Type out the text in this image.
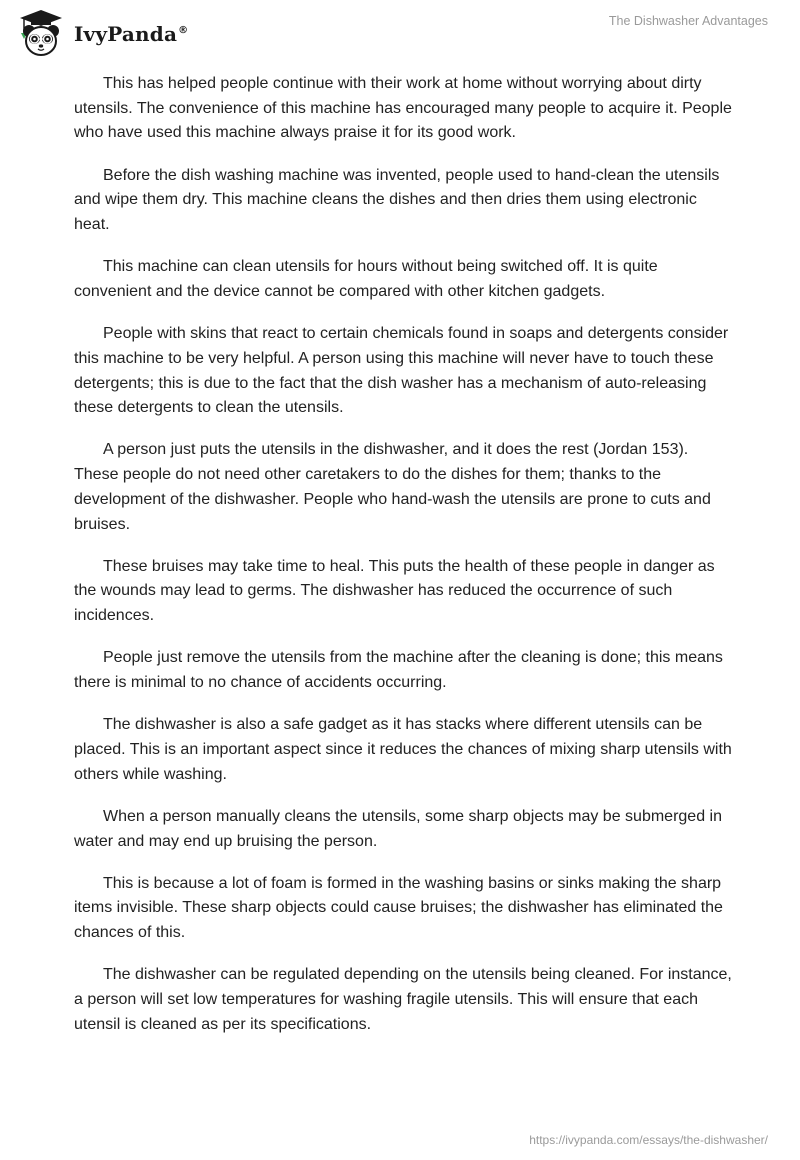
IvyPanda®
The Dishwasher Advantages

This has helped people continue with their work at home without worrying about dirty utensils. The convenience of this machine has encouraged many people to acquire it. People who have used this machine always praise it for its good work.

Before the dish washing machine was invented, people used to hand-clean the utensils and wipe them dry. This machine cleans the dishes and then dries them using electronic heat.

This machine can clean utensils for hours without being switched off. It is quite convenient and the device cannot be compared with other kitchen gadgets.

People with skins that react to certain chemicals found in soaps and detergents consider this machine to be very helpful. A person using this machine will never have to touch these detergents; this is due to the fact that the dish washer has a mechanism of auto-releasing these detergents to clean the utensils.

A person just puts the utensils in the dishwasher, and it does the rest (Jordan 153). These people do not need other caretakers to do the dishes for them; thanks to the development of the dishwasher. People who hand-wash the utensils are prone to cuts and bruises.

These bruises may take time to heal. This puts the health of these people in danger as the wounds may lead to germs. The dishwasher has reduced the occurrence of such incidences.

People just remove the utensils from the machine after the cleaning is done; this means there is minimal to no chance of accidents occurring.

The dishwasher is also a safe gadget as it has stacks where different utensils can be placed. This is an important aspect since it reduces the chances of mixing sharp utensils with others while washing.

When a person manually cleans the utensils, some sharp objects may be submerged in water and may end up bruising the person.

This is because a lot of foam is formed in the washing basins or sinks making the sharp items invisible. These sharp objects could cause bruises; the dishwasher has eliminated the chances of this.

The dishwasher can be regulated depending on the utensils being cleaned. For instance, a person will set low temperatures for washing fragile utensils. This will ensure that each utensil is cleaned as per its specifications.

https://ivypanda.com/essays/the-dishwasher/
